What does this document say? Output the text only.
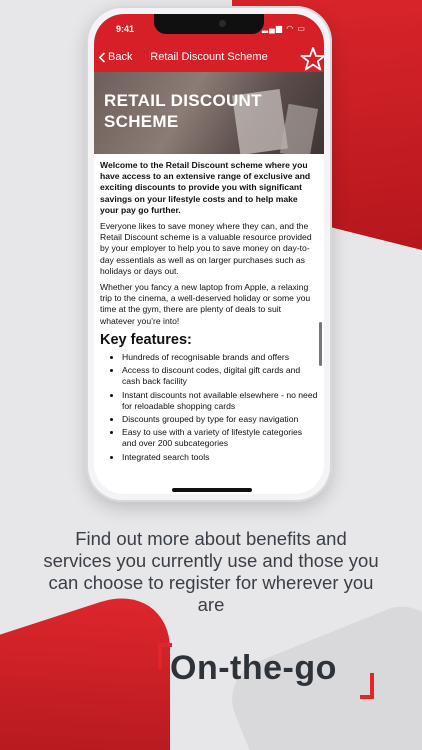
9:41	▂▄▆ ◠ ▭
Back	Retail Discount Scheme
RETAIL DISCOUNT
SCHEME

Welcome to the Retail Discount scheme where you have access to an extensive range of exclusive and exciting discounts to provide you with significant savings on your lifestyle costs and to help make your pay go further.

Everyone likes to save money where they can, and the Retail Discount scheme is a valuable resource provided by your employer to help you to save money on day-to-day essentials as well as on larger purchases such as holidays or days out.

Whether you fancy a new laptop from Apple, a relaxing trip to the cinema, a well-deserved holiday or some you time at the gym, there are plenty of deals to suit whatever you’re into!

Key features:
• Hundreds of recognisable brands and offers
• Access to discount codes, digital gift cards and cash back facility
• Instant discounts not available elsewhere - no need for reloadable shopping cards
• Discounts grouped by type for easy navigation
• Easy to use with a variety of lifestyle categories and over 200 subcategories
• Integrated search tools
Find out more about benefits and services you currently use and those you can choose to register for wherever you are
On-the-go
